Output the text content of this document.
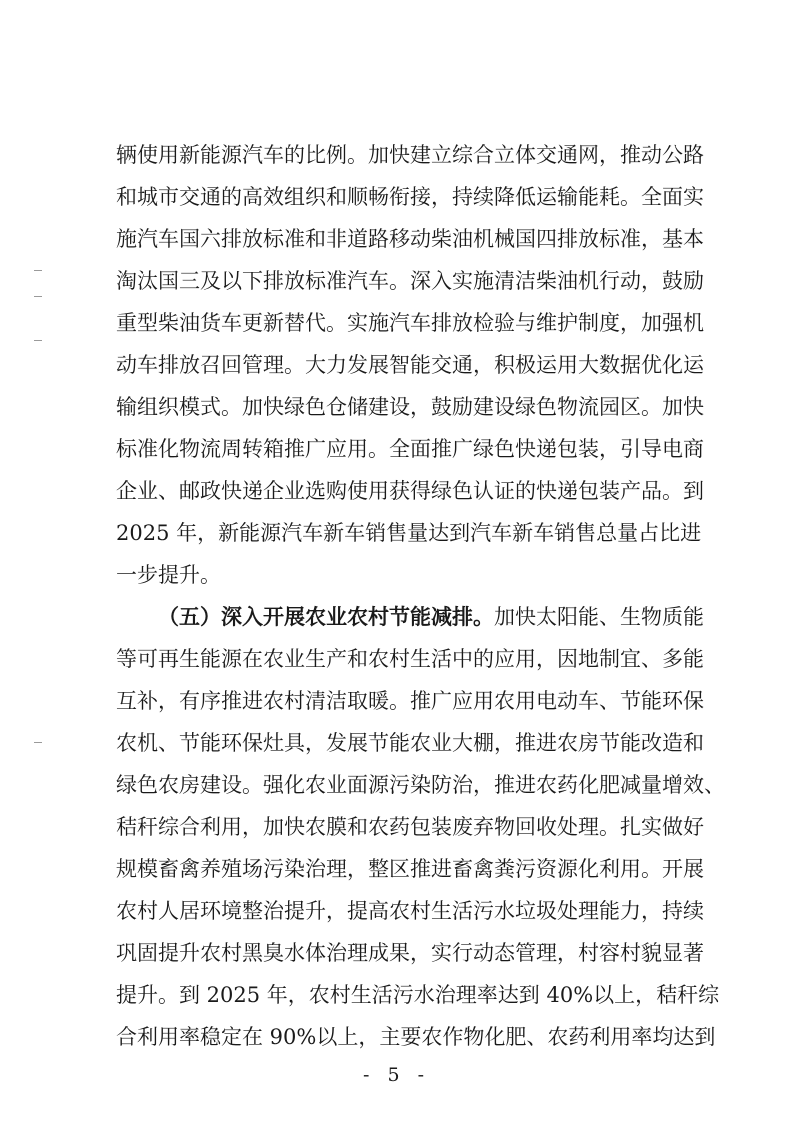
辆使用新能源汽车的比例。加快建立综合立体交通网，推动公路
和城市交通的高效组织和顺畅衔接，持续降低运输能耗。全面实
施汽车国六排放标准和非道路移动柴油机械国四排放标准，基本
淘汰国三及以下排放标准汽车。深入实施清洁柴油机行动，鼓励
重型柴油货车更新替代。实施汽车排放检验与维护制度，加强机
动车排放召回管理。大力发展智能交通，积极运用大数据优化运
输组织模式。加快绿色仓储建设，鼓励建设绿色物流园区。加快
标准化物流周转箱推广应用。全面推广绿色快递包装，引导电商
企业、邮政快递企业选购使用获得绿色认证的快递包装产品。到
2025 年，新能源汽车新车销售量达到汽车新车销售总量占比进
一步提升。
（五）深入开展农业农村节能减排。加快太阳能、生物质能
等可再生能源在农业生产和农村生活中的应用，因地制宜、多能
互补，有序推进农村清洁取暖。推广应用农用电动车、节能环保
农机、节能环保灶具，发展节能农业大棚，推进农房节能改造和
绿色农房建设。强化农业面源污染防治，推进农药化肥减量增效、
秸秆综合利用，加快农膜和农药包装废弃物回收处理。扎实做好
规模畜禽养殖场污染治理，整区推进畜禽粪污资源化利用。开展
农村人居环境整治提升，提高农村生活污水垃圾处理能力，持续
巩固提升农村黑臭水体治理成果，实行动态管理，村容村貌显著
提升。到 2025 年，农村生活污水治理率达到 40%以上，秸秆综
合利用率稳定在 90%以上，主要农作物化肥、农药利用率均达到
- 5 -
